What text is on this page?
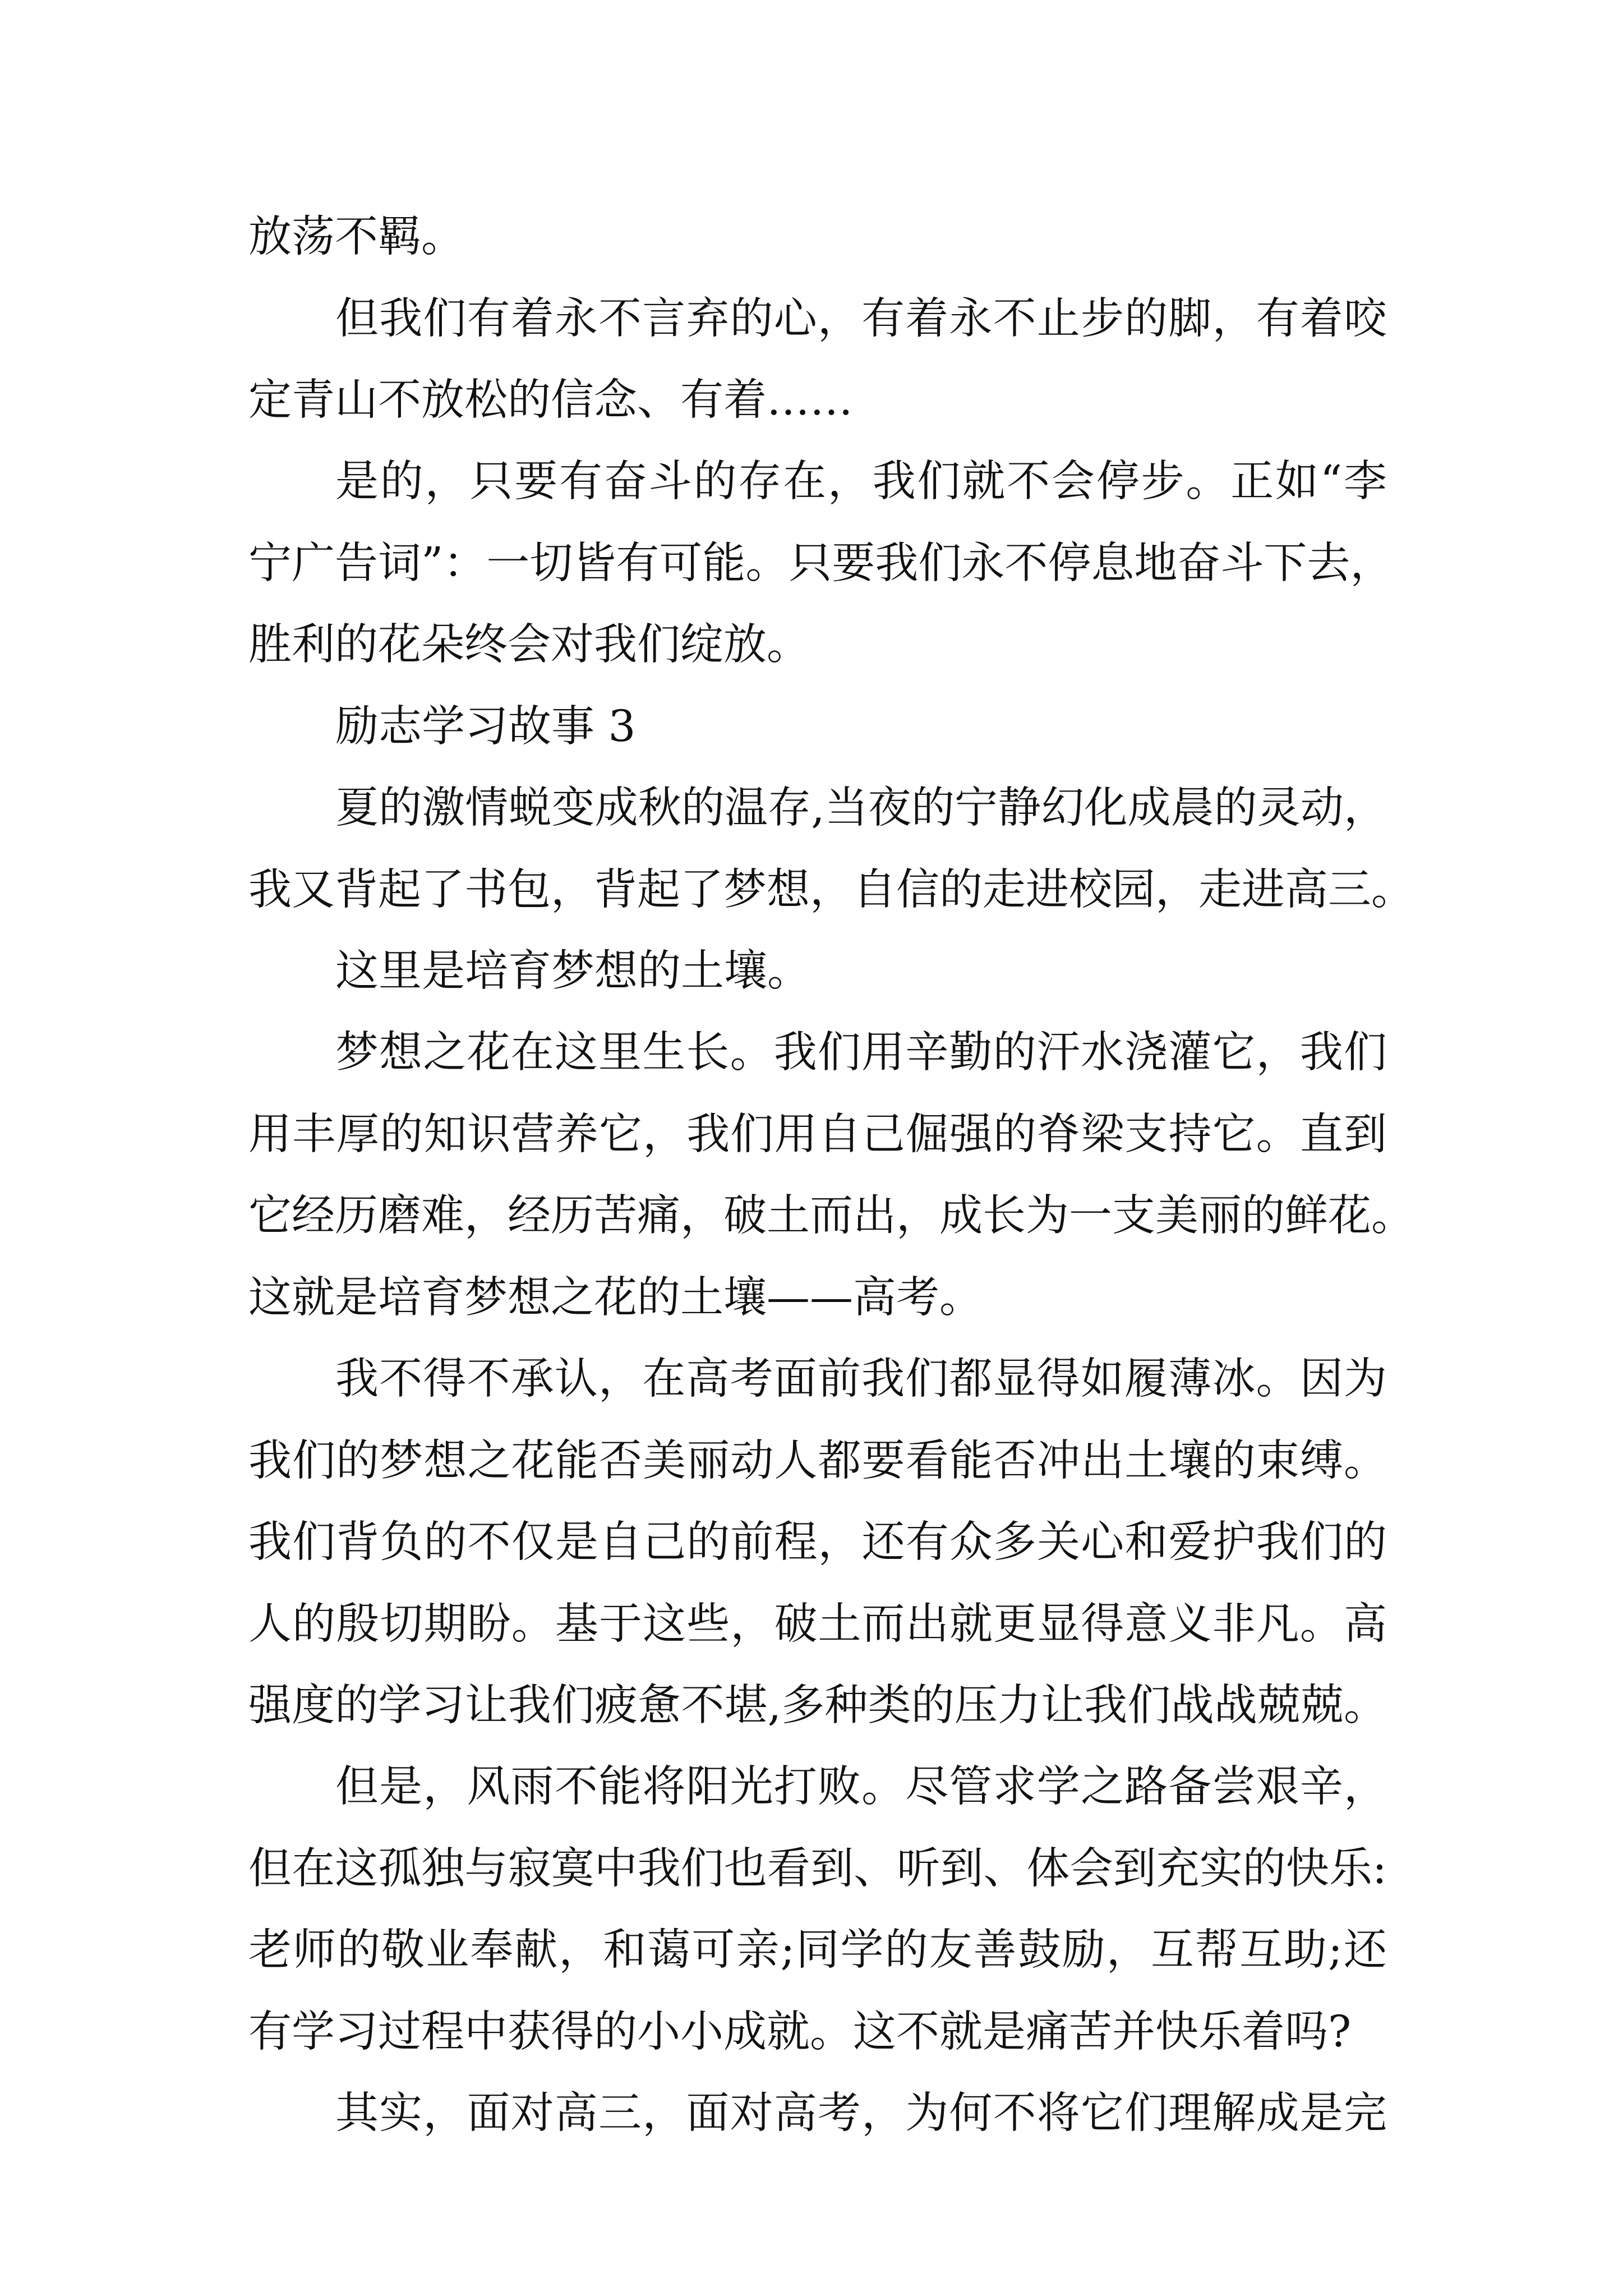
放荡不羁。
但我们有着永不言弃的心，有着永不止步的脚，有着咬
定青山不放松的信念、有着……
是的，只要有奋斗的存在，我们就不会停步。正如“李
宁广告词”：一切皆有可能。只要我们永不停息地奋斗下去，
胜利的花朵终会对我们绽放。
励志学习故事 3
夏的激情蜕变成秋的温存,当夜的宁静幻化成晨的灵动，
我又背起了书包，背起了梦想，自信的走进校园，走进高三。
这里是培育梦想的土壤。
梦想之花在这里生长。我们用辛勤的汗水浇灌它，我们
用丰厚的知识营养它，我们用自己倔强的脊梁支持它。直到
它经历磨难，经历苦痛，破土而出，成长为一支美丽的鲜花。
这就是培育梦想之花的土壤——高考。
我不得不承认，在高考面前我们都显得如履薄冰。因为
我们的梦想之花能否美丽动人都要看能否冲出土壤的束缚。
我们背负的不仅是自己的前程，还有众多关心和爱护我们的
人的殷切期盼。基于这些，破土而出就更显得意义非凡。高
强度的学习让我们疲惫不堪,多种类的压力让我们战战兢兢。
但是，风雨不能将阳光打败。尽管求学之路备尝艰辛，
但在这孤独与寂寞中我们也看到、听到、体会到充实的快乐:
老师的敬业奉献，和蔼可亲;同学的友善鼓励，互帮互助;还
有学习过程中获得的小小成就。这不就是痛苦并快乐着吗?
其实，面对高三，面对高考，为何不将它们理解成是完
